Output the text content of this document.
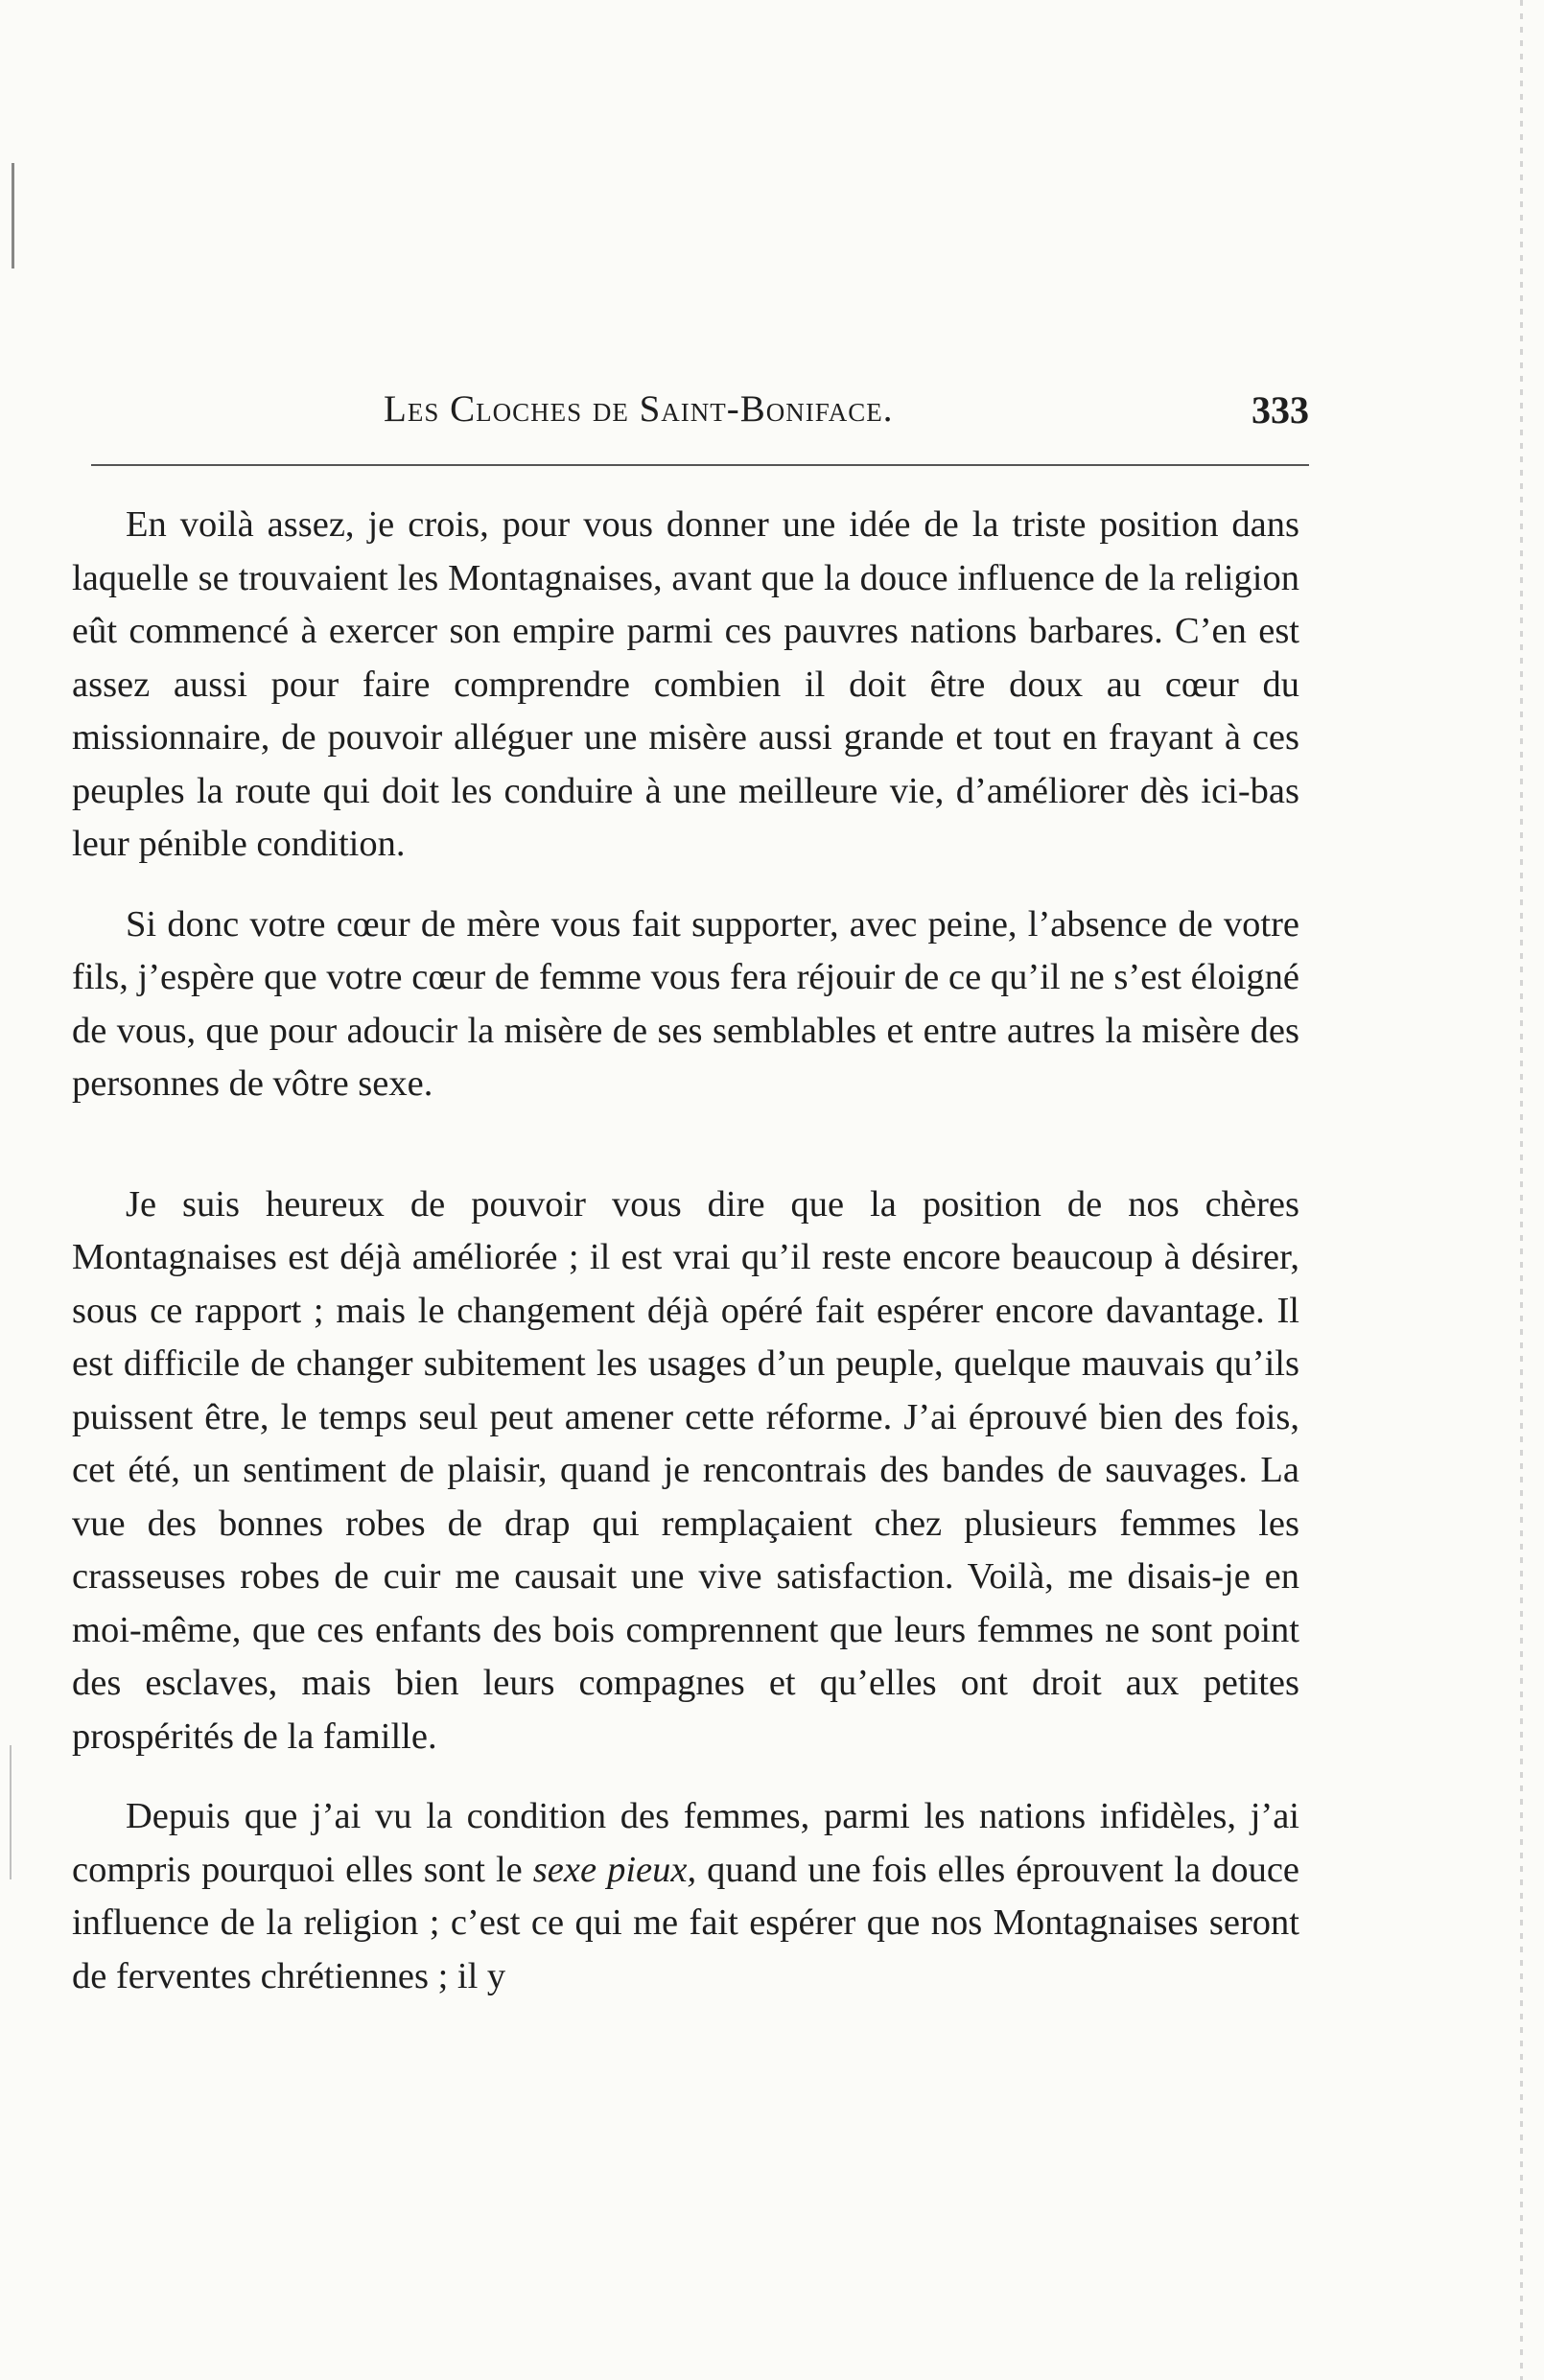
Les Cloches de Saint-Boniface.	333

En voilà assez, je crois, pour vous donner une idée de la triste position dans laquelle se trouvaient les Montagnaises, avant que la douce influence de la religion eût commencé à exercer son empire parmi ces pauvres nations barbares. C’en est assez aussi pour faire comprendre combien il doit être doux au cœur du missionnaire, de pouvoir alléguer une misère aussi grande et tout en frayant à ces peuples la route qui doit les conduire à une meilleure vie, d’améliorer dès ici-bas leur pénible condition.

Si donc votre cœur de mère vous fait supporter, avec peine, l’absence de votre fils, j’espère que votre cœur de femme vous fera réjouir de ce qu’il ne s’est éloigné de vous, que pour adoucir la misère de ses semblables et entre autres la misère des personnes de vôtre sexe.

Je suis heureux de pouvoir vous dire que la position de nos chères Montagnaises est déjà améliorée ; il est vrai qu’il reste encore beaucoup à désirer, sous ce rapport ; mais le changement déjà opéré fait espérer encore davantage. Il est difficile de changer subitement les usages d’un peuple, quelque mauvais qu’ils puissent être, le temps seul peut amener cette réforme. J’ai éprouvé bien des fois, cet été, un sentiment de plaisir, quand je rencontrais des bandes de sauvages. La vue des bonnes robes de drap qui remplaçaient chez plusieurs femmes les crasseuses robes de cuir me causait une vive satisfaction. Voilà, me disais-je en moi-même, que ces enfants des bois comprennent que leurs femmes ne sont point des esclaves, mais bien leurs compagnes et qu’elles ont droit aux petites prospérités de la famille.

Depuis que j’ai vu la condition des femmes, parmi les nations infidèles, j’ai compris pourquoi elles sont le sexe pieux, quand une fois elles éprouvent la douce influence de la religion ; c’est ce qui me fait espérer que nos Montagnaises seront de ferventes chrétiennes ; il y
